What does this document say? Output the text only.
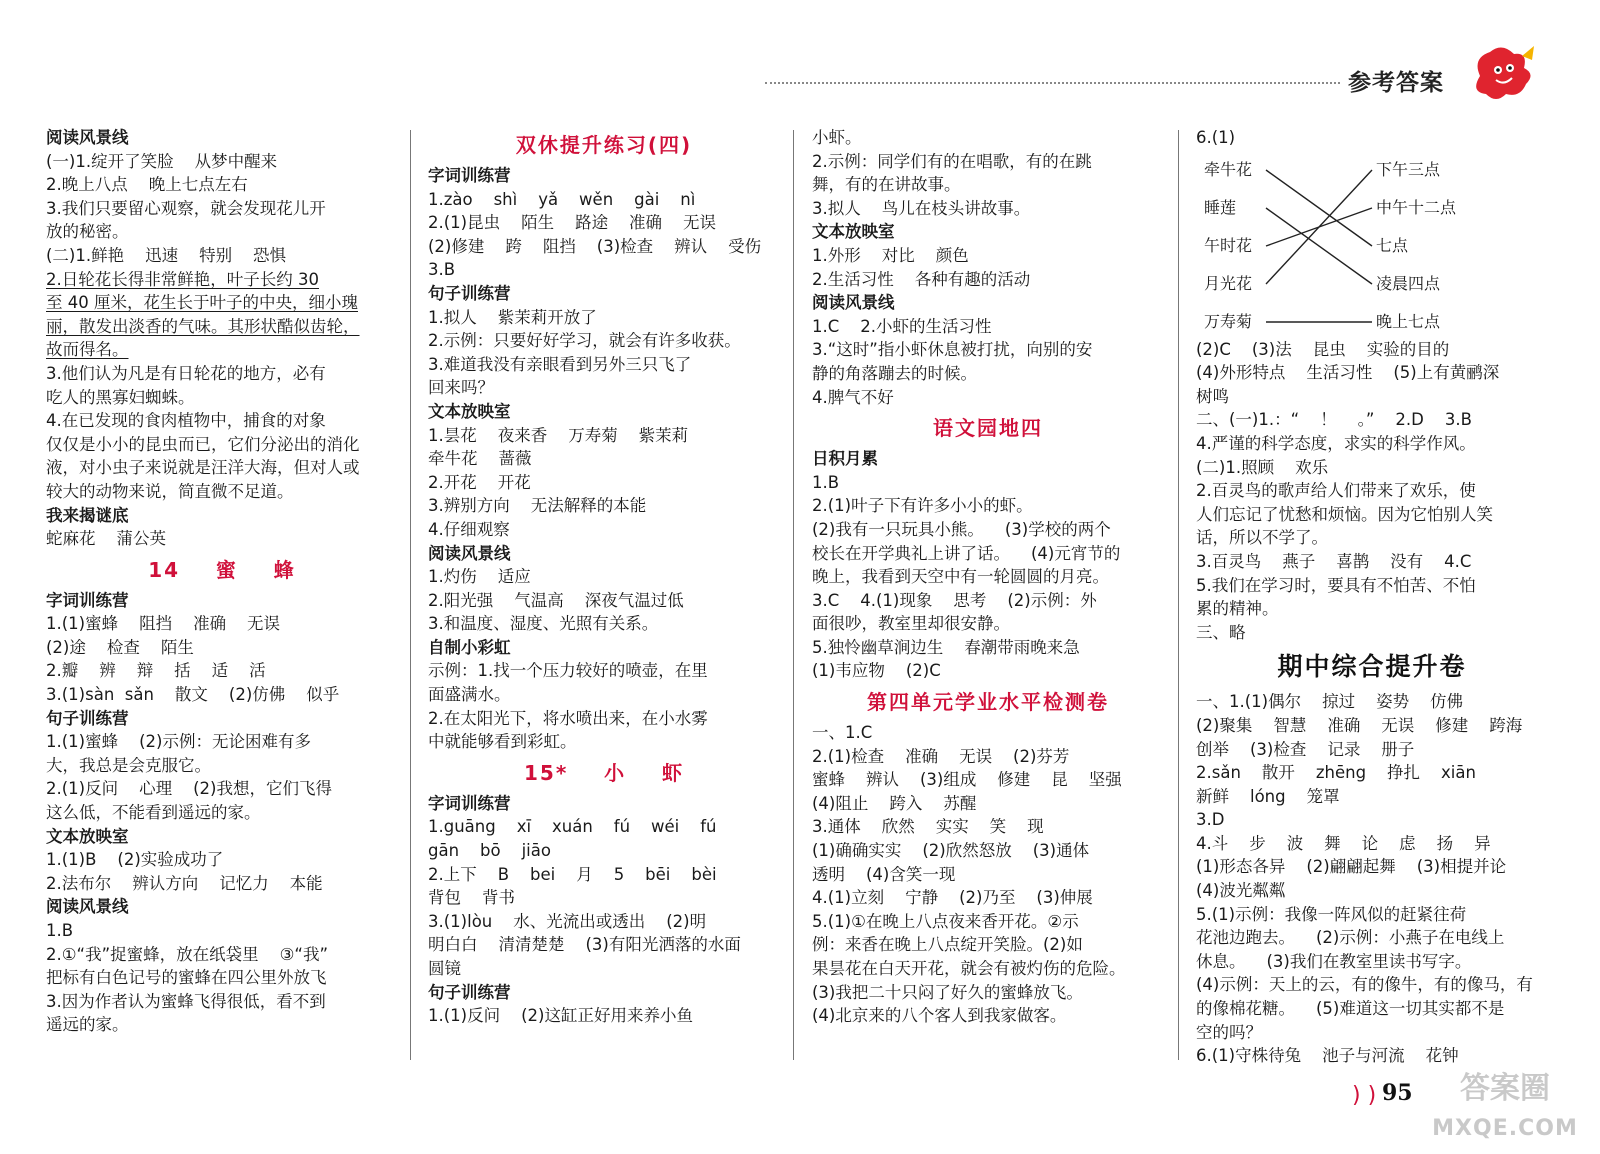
参考答案
阅读风景线
(一)1.绽开了笑脸    从梦中醒来
2.晚上八点    晚上七点左右
3.我们只要留心观察，就会发现花儿开
放的秘密。
(二)1.鲜艳    迅速    特别    恐惧
2.日轮花长得非常鲜艳，叶子长约 30
至 40 厘米，花生长于叶子的中央，细小瑰
丽，散发出淡香的气味。其形状酷似齿轮，
故而得名。
3.他们认为凡是有日轮花的地方，必有
吃人的黑寡妇蜘蛛。
4.在已发现的食肉植物中，捕食的对象
仅仅是小小的昆虫而已，它们分泌出的消化
液，对小虫子来说就是汪洋大海，但对人或
较大的动物来说，简直微不足道。
我来揭谜底
蛇麻花    蒲公英
14    蜜    蜂
字词训练营
1.(1)蜜蜂    阻挡    准确    无误
(2)途    检查    陌生
2.瓣    辨    辩    括    适    活
3.(1)sàn  sǎn    散文    (2)仿佛    似乎
句子训练营
1.(1)蜜蜂    (2)示例：无论困难有多
大，我总是会克服它。
2.(1)反问    心理    (2)我想，它们飞得
这么低，不能看到遥远的家。
文本放映室
1.(1)B    (2)实验成功了
2.法布尔    辨认方向    记忆力    本能
阅读风景线
1.B
2.①“我”捉蜜蜂，放在纸袋里    ③“我”
把标有白色记号的蜜蜂在四公里外放飞
3.因为作者认为蜜蜂飞得很低，看不到
遥远的家。
双休提升练习(四)
字词训练营
1.zào    shì    yǎ    wěn    gài    nì
2.(1)昆虫    陌生    路途    准确    无误
(2)修建    跨    阻挡    (3)检查    辨认    受伤
3.B
句子训练营
1.拟人    紫茉莉开放了
2.示例：只要好好学习，就会有许多收获。
3.难道我没有亲眼看到另外三只飞了
回来吗？
文本放映室
1.昙花    夜来香    万寿菊    紫茉莉
牵牛花    蔷薇
2.开花    开花
3.辨别方向    无法解释的本能
4.仔细观察
阅读风景线
1.灼伤    适应
2.阳光强    气温高    深夜气温过低
3.和温度、湿度、光照有关系。
自制小彩虹
示例：1.找一个压力较好的喷壶，在里
面盛满水。
2.在太阳光下，将水喷出来，在小水雾
中就能够看到彩虹。
15*    小    虾
字词训练营
1.guāng    xī    xuán    fú    wéi    fú
gān    bō    jiāo
2.上下    B    bei    月    5    bēi    bèi
背包    背书
3.(1)lòu    水、光流出或透出    (2)明
明白白    清清楚楚    (3)有阳光洒落的水面
圆镜
句子训练营
1.(1)反问    (2)这缸正好用来养小鱼
小虾。
2.示例：同学们有的在唱歌，有的在跳
舞，有的在讲故事。
3.拟人    鸟儿在枝头讲故事。
文本放映室
1.外形    对比    颜色
2.生活习性    各种有趣的活动
阅读风景线
1.C    2.小虾的生活习性
3.“这时”指小虾休息被打扰，向别的安
静的角落蹦去的时候。
4.脾气不好
语文园地四
日积月累
1.B
2.(1)叶子下有许多小小的虾。
(2)我有一只玩具小熊。    (3)学校的两个
校长在开学典礼上讲了话。    (4)元宵节的
晚上，我看到天空中有一轮圆圆的月亮。
3.C    4.(1)现象    思考    (2)示例：外
面很吵，教室里却很安静。
5.独怜幽草涧边生    春潮带雨晚来急
(1)韦应物    (2)C
第四单元学业水平检测卷
一、1.C
2.(1)检查    准确    无误    (2)芬芳
蜜蜂    辨认    (3)组成    修建    昆    坚强
(4)阻止    跨入    苏醒
3.通体    欣然    实实    笑    现
(1)确确实实    (2)欣然怒放    (3)通体
透明    (4)含笑一现
4.(1)立刻    宁静    (2)乃至    (3)伸展
5.(1)①在晚上八点夜来香开花。②示
例：来香在晚上八点绽开笑脸。(2)如
果昙花在白天开花，就会有被灼伤的危险。
(3)我把二十只闷了好久的蜜蜂放飞。
(4)北京来的八个客人到我家做客。
6.(1)
牵牛花
睡莲
午时花
月光花
万寿菊
下午三点
中午十二点
七点
凌晨四点
晚上七点
(2)C    (3)法    昆虫    实验的目的
(4)外形特点    生活习性    (5)上有黄鹂深
树鸣
二、(一)1.：“    ！    。”    2.D    3.B
4.严谨的科学态度，求实的科学作风。
(二)1.照顾    欢乐
2.百灵鸟的歌声给人们带来了欢乐，使
人们忘记了忧愁和烦恼。因为它怕别人笑
话，所以不学了。
3.百灵鸟    燕子    喜鹊    没有    4.C
5.我们在学习时，要具有不怕苦、不怕
累的精神。
三、略
期中综合提升卷
一、1.(1)偶尔    掠过    姿势    仿佛
(2)聚集    智慧    准确    无误    修建    跨海
创举    (3)检查    记录    册子
2.sǎn    散开    zhēng    挣扎    xiān
新鲜    lóng    笼罩
3.D
4.斗    步    波    舞    论    虑    扬    异
(1)形态各异    (2)翩翩起舞    (3)相提并论
(4)波光粼粼
5.(1)示例：我像一阵风似的赶紧往荷
花池边跑去。    (2)示例：小燕子在电线上
休息。    (3)我们在教室里读书写字。
(4)示例：天上的云，有的像牛，有的像马，有
的像棉花糖。    (5)难道这一切其实都不是
空的吗？
6.(1)守株待兔    池子与河流    花钟
) ) 95	答案圈
MXQE.COM
